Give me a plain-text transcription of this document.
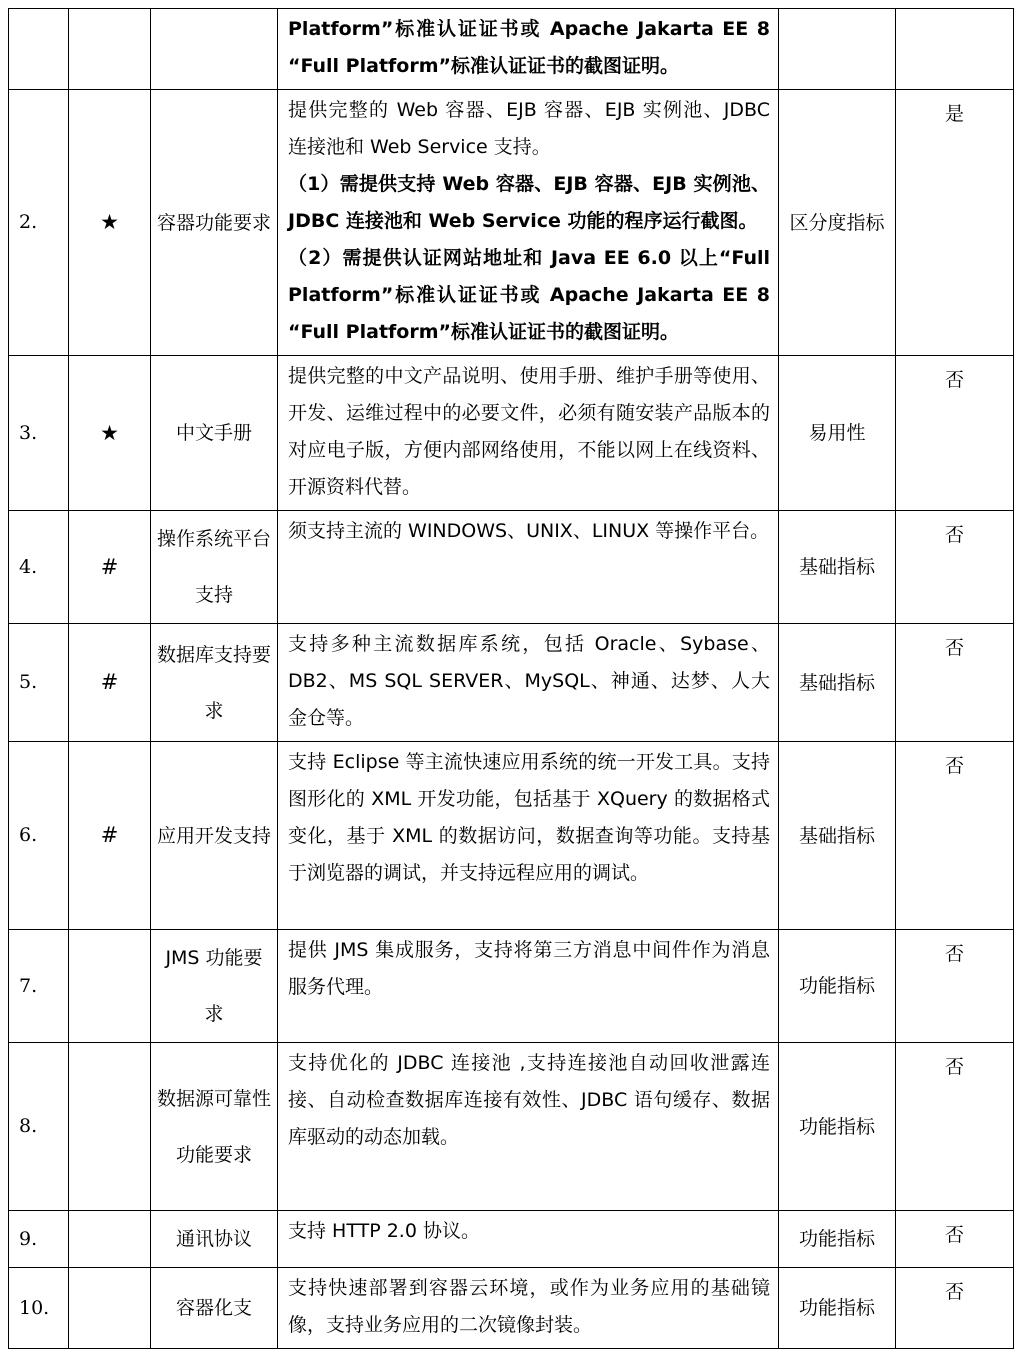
			Platform”标准认证证书或 Apache Jakarta EE 8 “Full Platform”标准认证证书的截图证明。		

2.	★	容器功能要求	提供完整的 Web 容器、EJB 容器、EJB 实例池、JDBC 连接池和 Web Service 支持。

（1）需提供支持 Web 容器、EJB 容器、EJB 实例池、JDBC 连接池和 Web Service 功能的程序运行截图。

（2）需提供认证网站地址和 Java EE 6.0 以上“Full Platform”标准认证证书或 Apache Jakarta EE 8 “Full Platform”标准认证证书的截图证明。	区分度指标	是
3.	★	中文手册	提供完整的中文产品说明、使用手册、维护手册等使用、开发、运维过程中的必要文件，必须有随安装产品版本的对应电子版，方便内部网络使用，不能以网上在线资料、开源资料代替。	易用性	否
4.	#	操作系统平台支持	须支持主流的 WINDOWS、UNIX、LINUX 等操作平台。	基础指标	否
5.	#	数据库支持要求	支持多种主流数据库系统，包括 Oracle、Sybase、DB2、MS SQL SERVER、MySQL、神通、达梦、人大金仓等。	基础指标	否
6.	#	应用开发支持	支持 Eclipse 等主流快速应用系统的统一开发工具。支持图形化的 XML 开发功能，包括基于 XQuery 的数据格式变化，基于 XML 的数据访问，数据查询等功能。支持基于浏览器的调试，并支持远程应用的调试。	基础指标	否
7.		JMS 功能要求	提供 JMS 集成服务，支持将第三方消息中间件作为消息服务代理。	功能指标	否
8.		数据源可靠性功能要求	支持优化的 JDBC 连接池 ,支持连接池自动回收泄露连接、自动检查数据库连接有效性、JDBC 语句缓存、数据库驱动的动态加载。	功能指标	否
9.		通讯协议	支持 HTTP 2.0 协议。	功能指标	否
10.		容器化支	支持快速部署到容器云环境，或作为业务应用的基础镜像，支持业务应用的二次镜像封装。	功能指标	否
